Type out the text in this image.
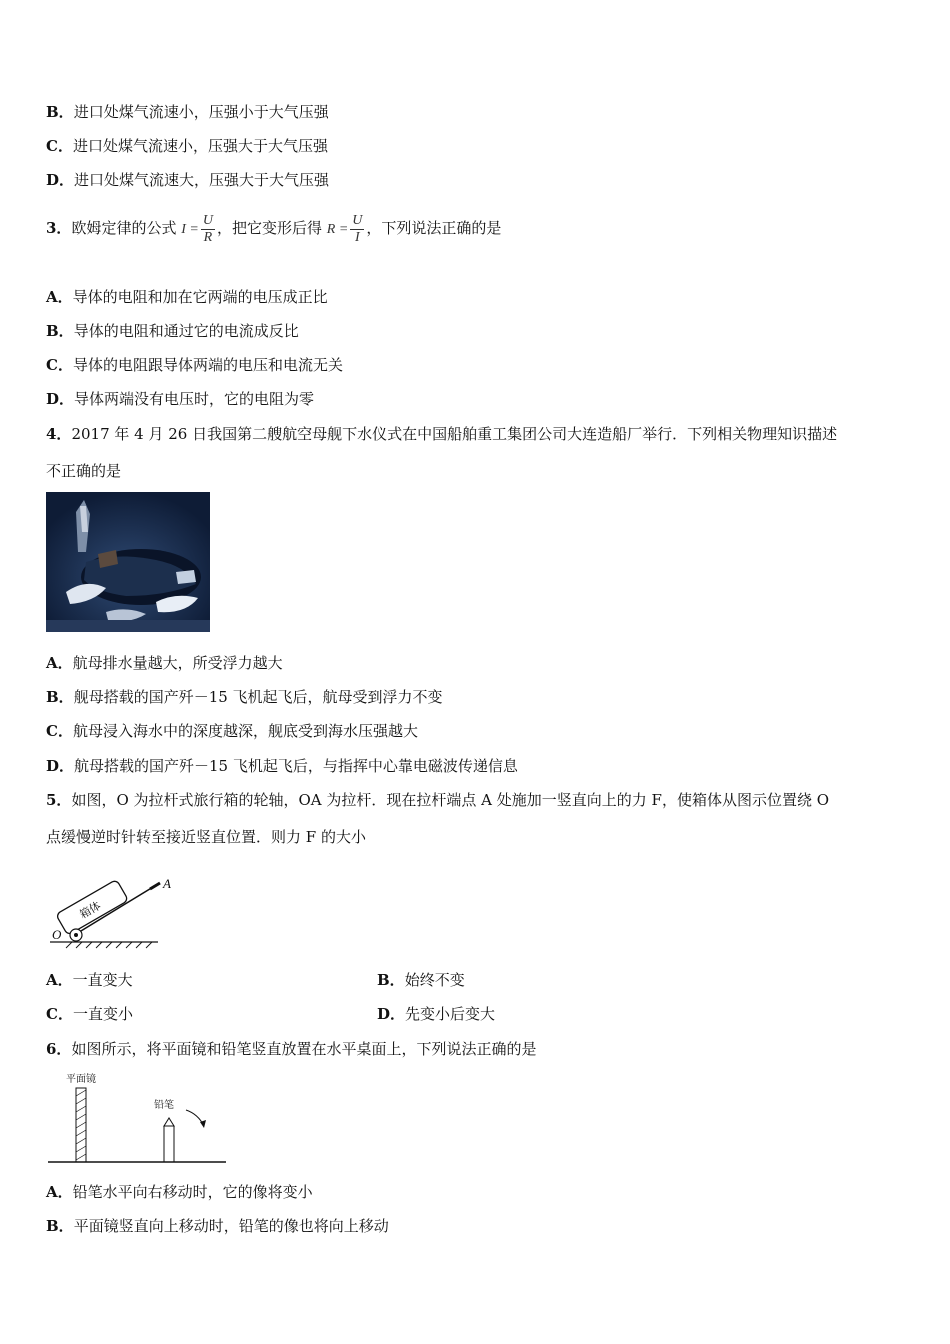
B．进口处煤气流速小，压强小于大气压强
C．进口处煤气流速小，压强大于大气压强
D．进口处煤气流速大，压强大于大气压强
3．欧姆定律的公式 $I = \frac{U}{R}$ ，把它变形后得 $R = \frac{U}{I}$ ，下列说法正确的是
A．导体的电阻和加在它两端的电压成正比
B．导体的电阻和通过它的电流成反比
C．导体的电阻跟导体两端的电压和电流无关
D．导体两端没有电压时，它的电阻为零
4．2017 年 4 月 26 日我国第二艘航空母舰下水仪式在中国船舶重工集团公司大连造船厂举行．下列相关物理知识描述
不正确的是
A．航母排水量越大，所受浮力越大
B．舰母搭载的国产歼－15 飞机起飞后，航母受到浮力不变
C．航母浸入海水中的深度越深，舰底受到海水压强越大
D．航母搭载的国产歼－15 飞机起飞后，与指挥中心靠电磁波传递信息
5．如图，O 为拉杆式旅行箱的轮轴，OA 为拉杆．现在拉杆端点 A 处施加一竖直向上的力 F，使箱体从图示位置绕 O
点缓慢逆时针转至接近竖直位置．则力 F 的大小
箱体
O
A
A．一直变大	B．始终不变
C．一直变小	D．先变小后变大
6．如图所示，将平面镜和铅笔竖直放置在水平桌面上，下列说法正确的是
平面镜
铅笔
A．铅笔水平向右移动时，它的像将变小
B．平面镜竖直向上移动时，铅笔的像也将向上移动
